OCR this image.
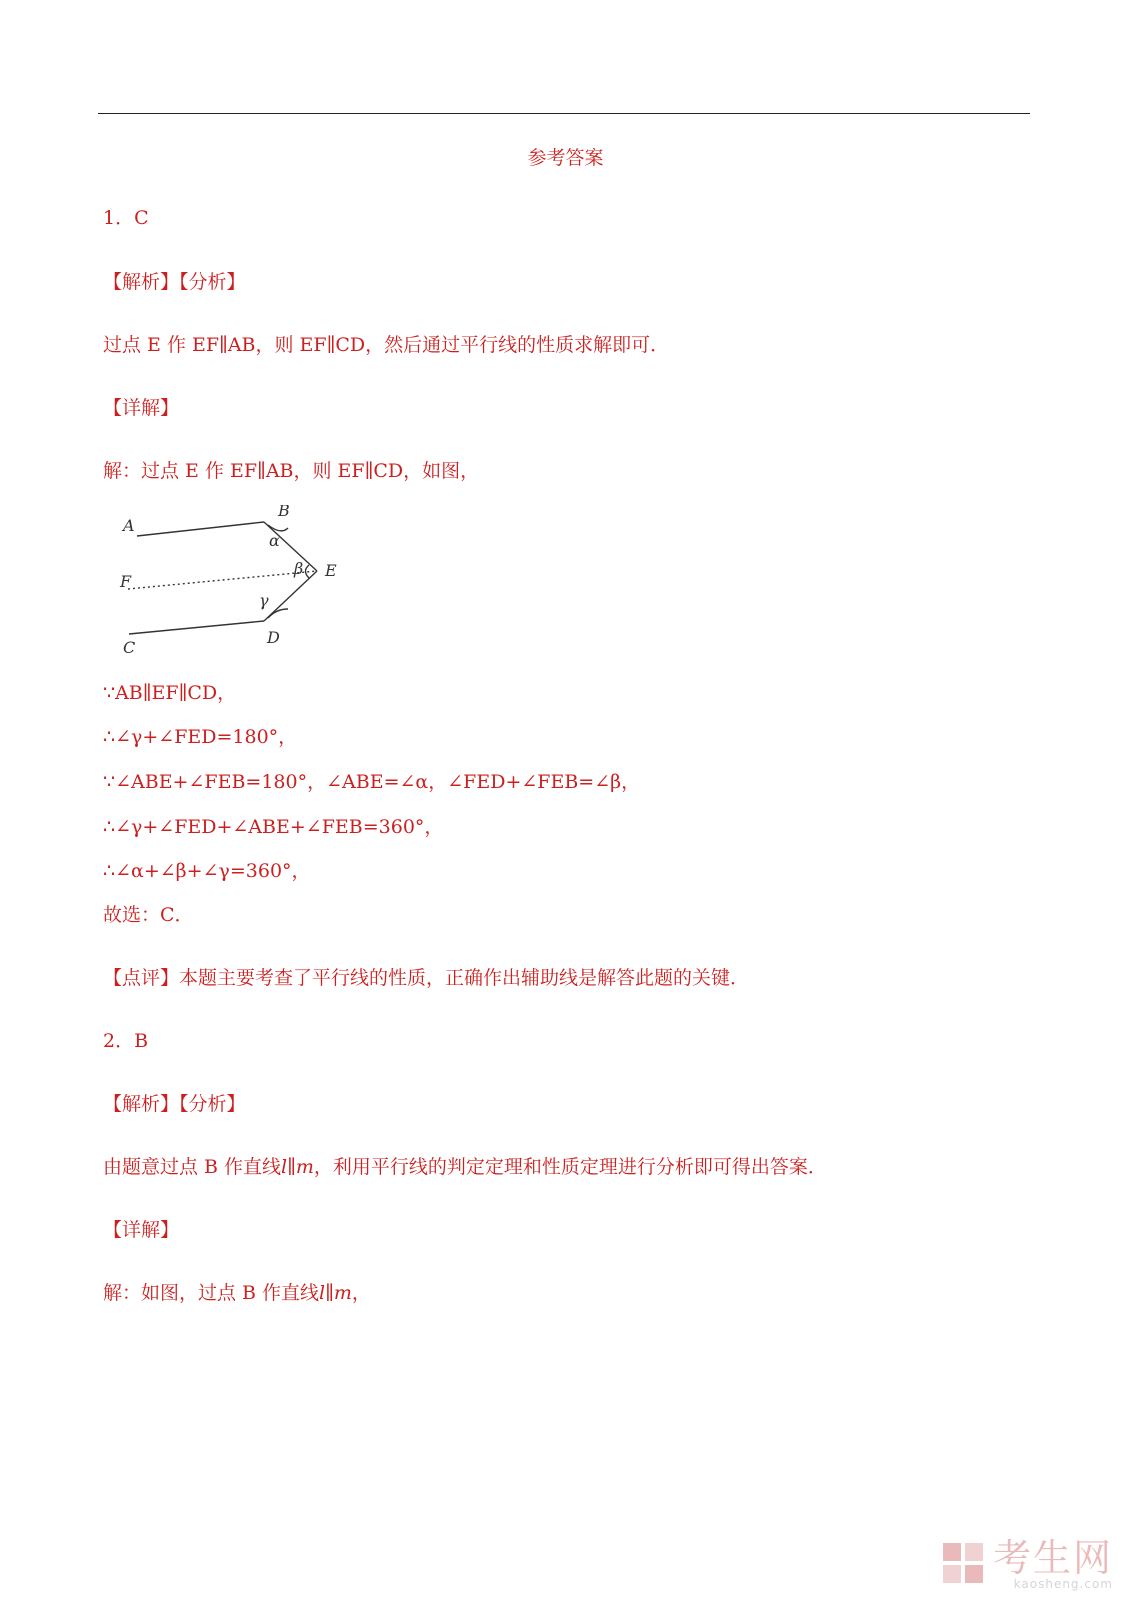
参考答案
1．C
【解析】【分析】
过点 E 作 EF∥AB，则 EF∥CD，然后通过平行线的性质求解即可．
【详解】
解：过点 E 作 EF∥AB，则 EF∥CD，如图，
A
B
α
F
β E
γ
C
D
∵AB∥EF∥CD，
∴∠γ+∠FED=180°，
∵∠ABE+∠FEB=180°，∠ABE=∠α，∠FED+∠FEB=∠β，
∴∠γ+∠FED+∠ABE+∠FEB=360°，
∴∠α+∠β+∠γ=360°，
故选：C．
【点评】本题主要考查了平行线的性质，正确作出辅助线是解答此题的关键．
2．B
【解析】【分析】
由题意过点 B 作直线l∥m，利用平行线的判定定理和性质定理进行分析即可得出答案．
【详解】
解：如图，过点 B 作直线l∥m，
考生网
kaosheng.com
